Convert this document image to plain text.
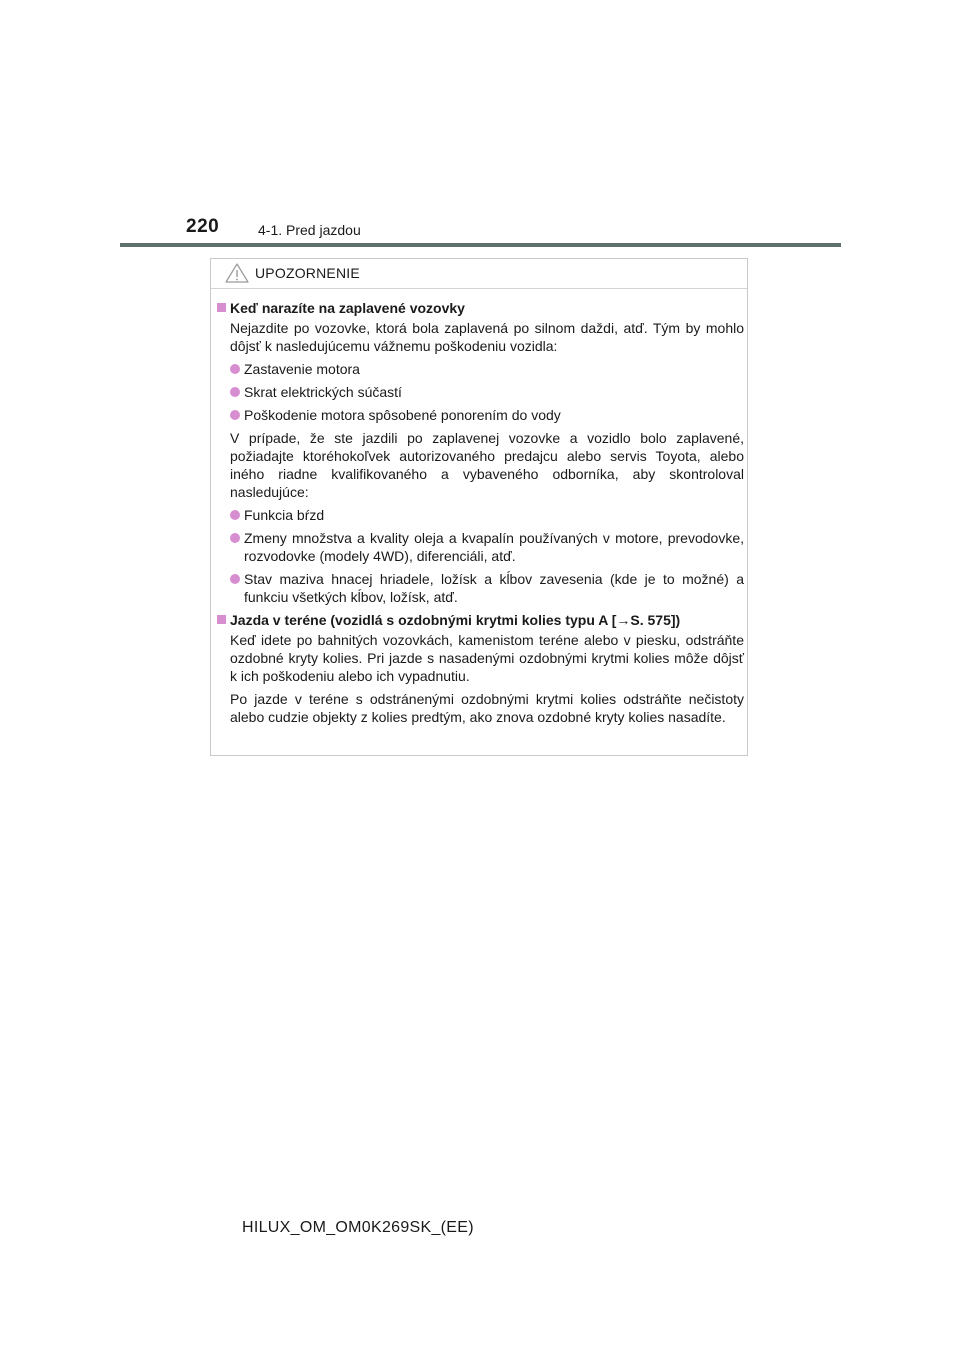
220	4-1. Pred jazdou
UPOZORNENIE
Keď narazíte na zaplavené vozovky
Nejazdite po vozovke, ktorá bola zaplavená po silnom daždi, atď. Tým by mohlo dôjsť k nasledujúcemu vážnemu poškodeniu vozidla:
Zastavenie motora
Skrat elektrických súčastí
Poškodenie motora spôsobené ponorením do vody
V prípade, že ste jazdili po zaplavenej vozovke a vozidlo bolo zaplavené, požiadajte ktoréhokoľvek autorizovaného predajcu alebo servis Toyota, alebo iného riadne kvalifikovaného a vybaveného odborníka, aby skontroloval nasledujúce:
Funkcia bŕzd
Zmeny množstva a kvality oleja a kvapalín používaných v motore, prevodovke, rozvodovke (modely 4WD), diferenciáli, atď.
Stav maziva hnacej hriadele, ložísk a kĺbov zavesenia (kde je to možné) a funkciu všetkých kĺbov, ložísk, atď.
Jazda v teréne (vozidlá s ozdobnými krytmi kolies typu A [→S. 575])
Keď idete po bahnitých vozovkách, kamenistom teréne alebo v piesku, odstráňte ozdobné kryty kolies. Pri jazde s nasadenými ozdobnými krytmi kolies môže dôjsť k ich poškodeniu alebo ich vypadnutiu.
Po jazde v teréne s odstránenými ozdobnými krytmi kolies odstráňte nečistoty alebo cudzie objekty z kolies predtým, ako znova ozdobné kryty kolies nasadíte.
HILUX_OM_OM0K269SK_(EE)
